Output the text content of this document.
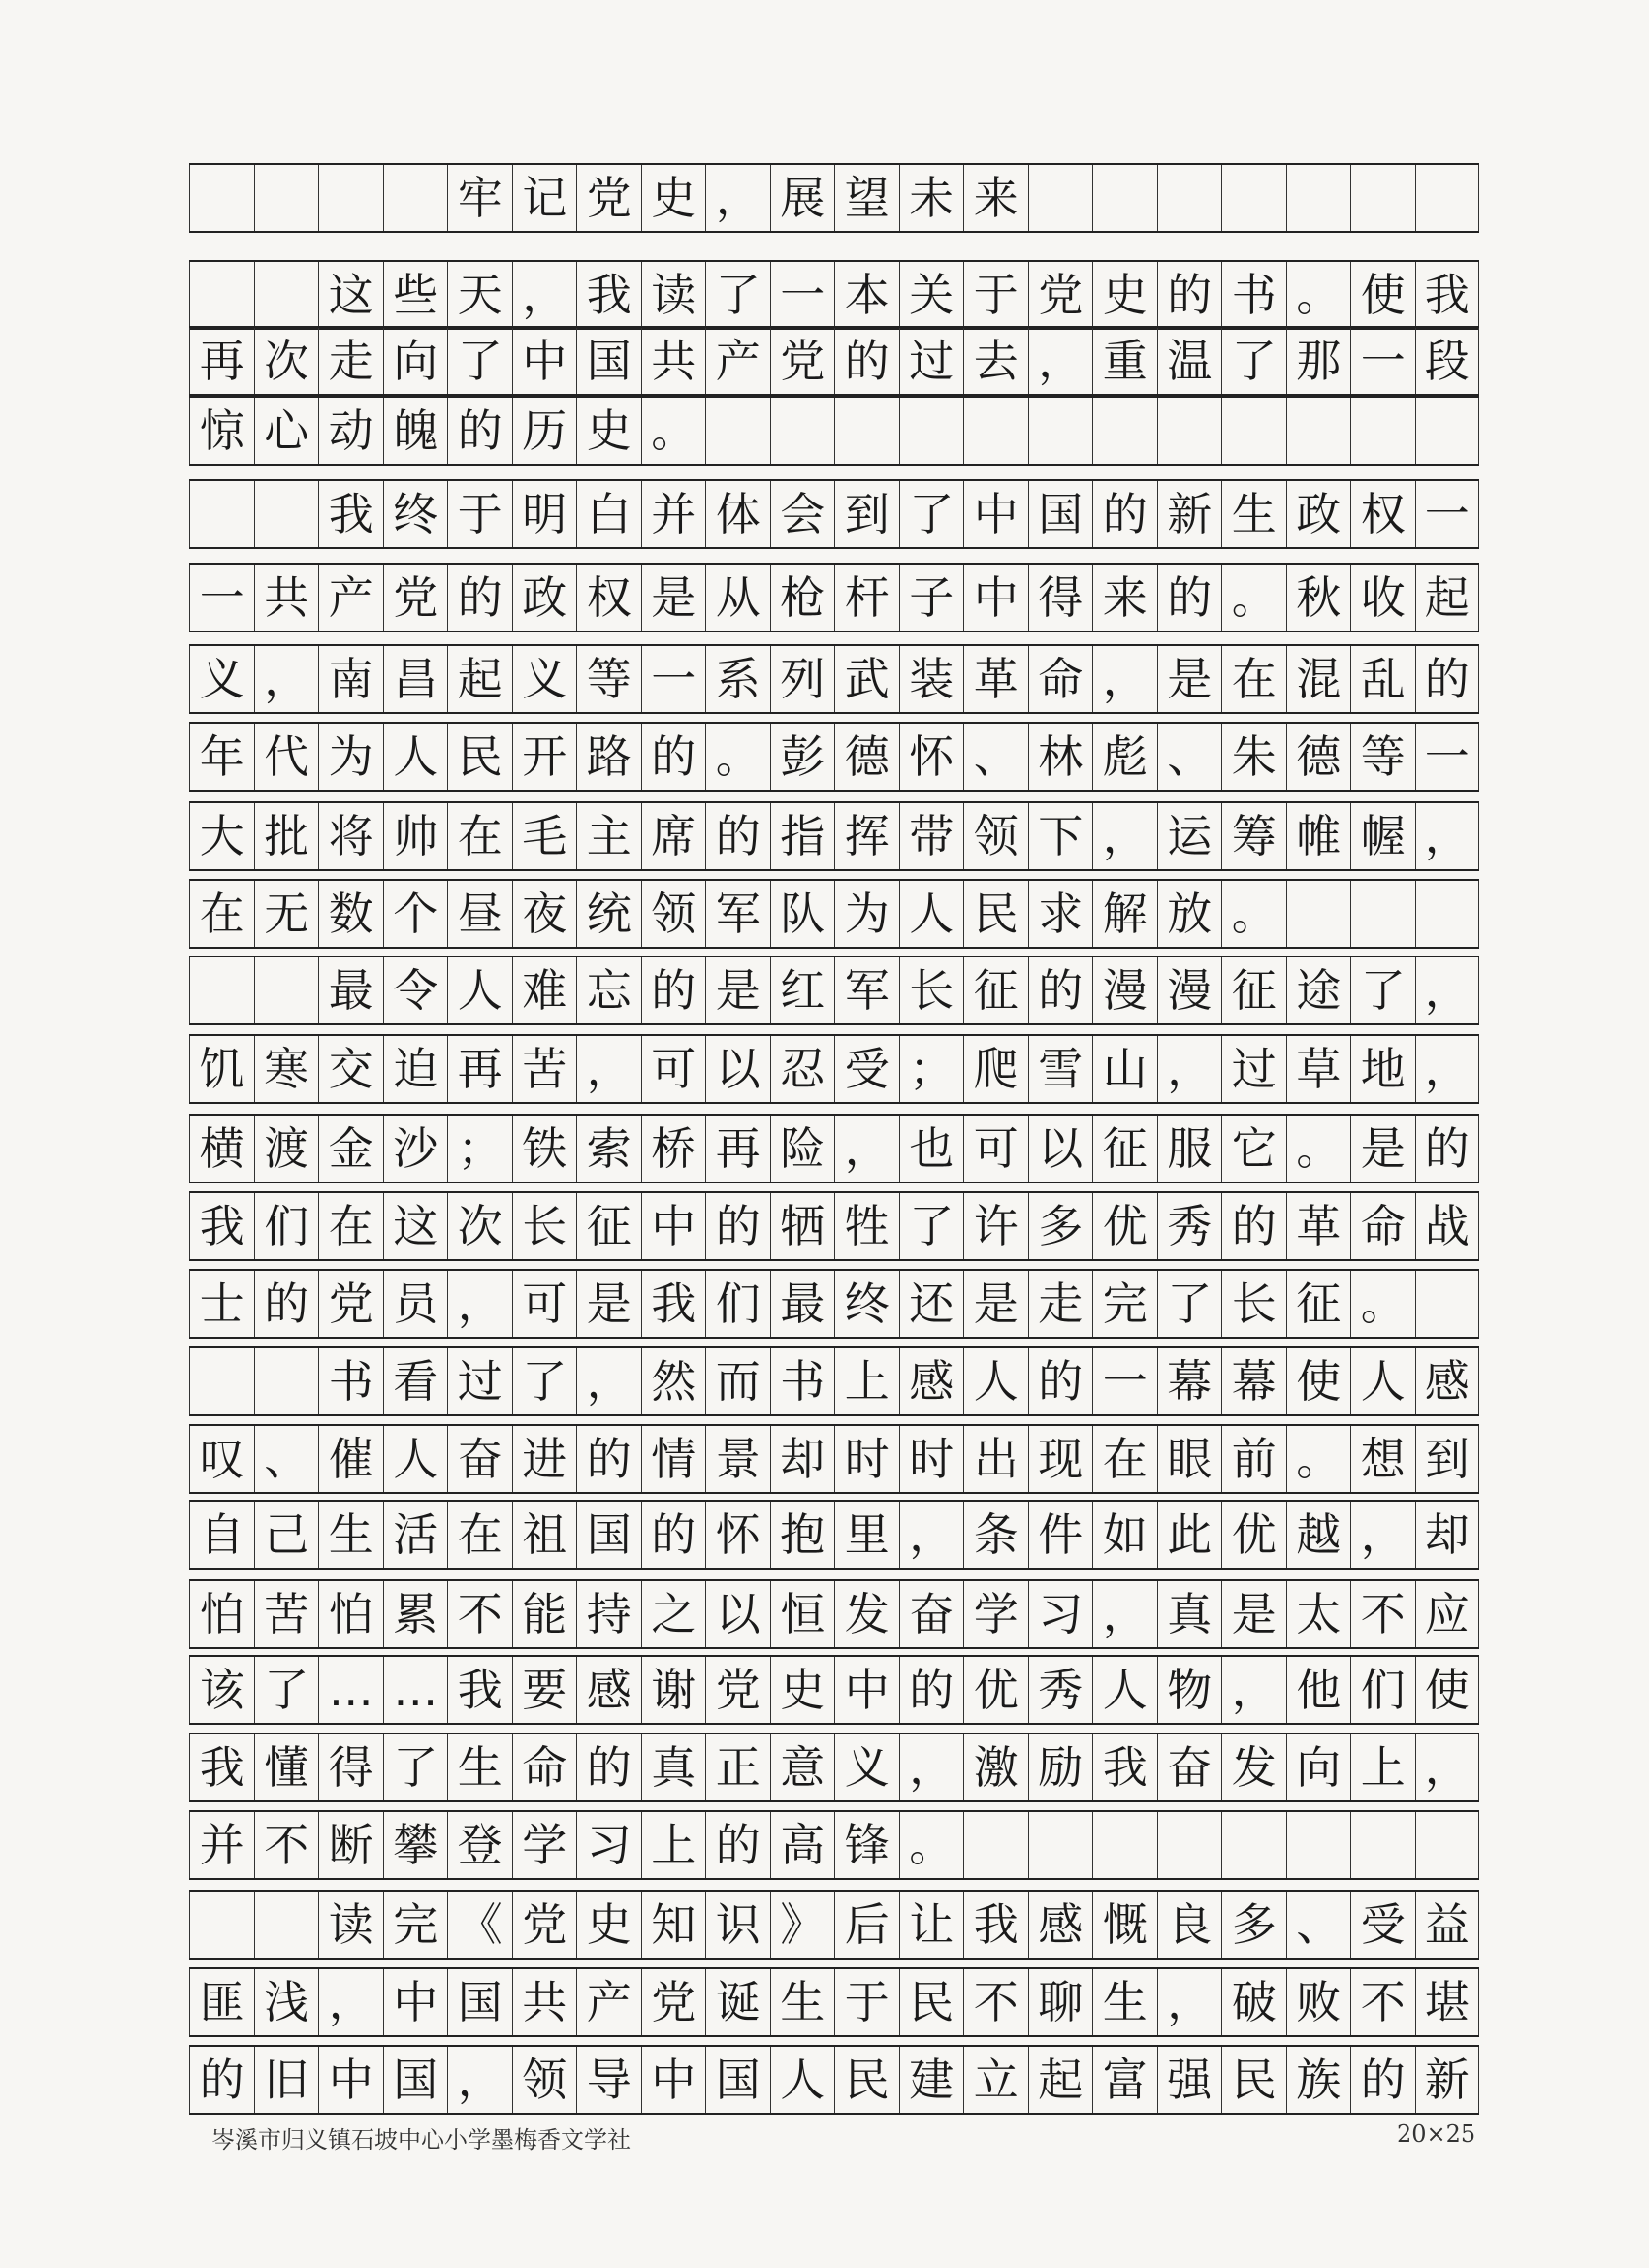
牢 记 党 史 ， 展 望 未 来
这 些 天 ， 我 读 了 一 本 关 于 党 史 的 书 。 使 我
再 次 走 向 了 中 国 共 产 党 的 过 去 ， 重 温 了 那 一 段
惊 心 动 魄 的 历 史 。
我 终 于 明 白 并 体 会 到 了 中 国 的 新 生 政 权 一
一 共 产 党 的 政 权 是 从 枪 杆 子 中 得 来 的 。 秋 收 起
义 ， 南 昌 起 义 等 一 系 列 武 装 革 命 ， 是 在 混 乱 的
年 代 为 人 民 开 路 的 。 彭 德 怀 、 林 彪 、 朱 德 等 一
大 批 将 帅 在 毛 主 席 的 指 挥 带 领 下 ， 运 筹 帷 幄 ，
在 无 数 个 昼 夜 统 领 军 队 为 人 民 求 解 放 。
最 令 人 难 忘 的 是 红 军 长 征 的 漫 漫 征 途 了 ，
饥 寒 交 迫 再 苦 ， 可 以 忍 受 ； 爬 雪 山 ， 过 草 地 ，
横 渡 金 沙 ； 铁 索 桥 再 险 ， 也 可 以 征 服 它 。 是 的
我 们 在 这 次 长 征 中 的 牺 牲 了 许 多 优 秀 的 革 命 战
士 的 党 员 ， 可 是 我 们 最 终 还 是 走 完 了 长 征 。
书 看 过 了 ， 然 而 书 上 感 人 的 一 幕 幕 使 人 感
叹 、 催 人 奋 进 的 情 景 却 时 时 出 现 在 眼 前 。 想 到
自 己 生 活 在 祖 国 的 怀 抱 里 ， 条 件 如 此 优 越 ， 却
怕 苦 怕 累 不 能 持 之 以 恒 发 奋 学 习 ， 真 是 太 不 应
该 了 … … 我 要 感 谢 党 史 中 的 优 秀 人 物 ， 他 们 使
我 懂 得 了 生 命 的 真 正 意 义 ， 激 励 我 奋 发 向 上 ，
并 不 断 攀 登 学 习 上 的 高 锋 。
读 完 《 党 史 知 识 》 后 让 我 感 慨 良 多 、 受 益
匪 浅 ， 中 国 共 产 党 诞 生 于 民 不 聊 生 ， 破 败 不 堪
的 旧 中 国 ， 领 导 中 国 人 民 建 立 起 富 强 民 族 的 新
岑溪市归义镇石坡中心小学墨梅香文学社	20×25
